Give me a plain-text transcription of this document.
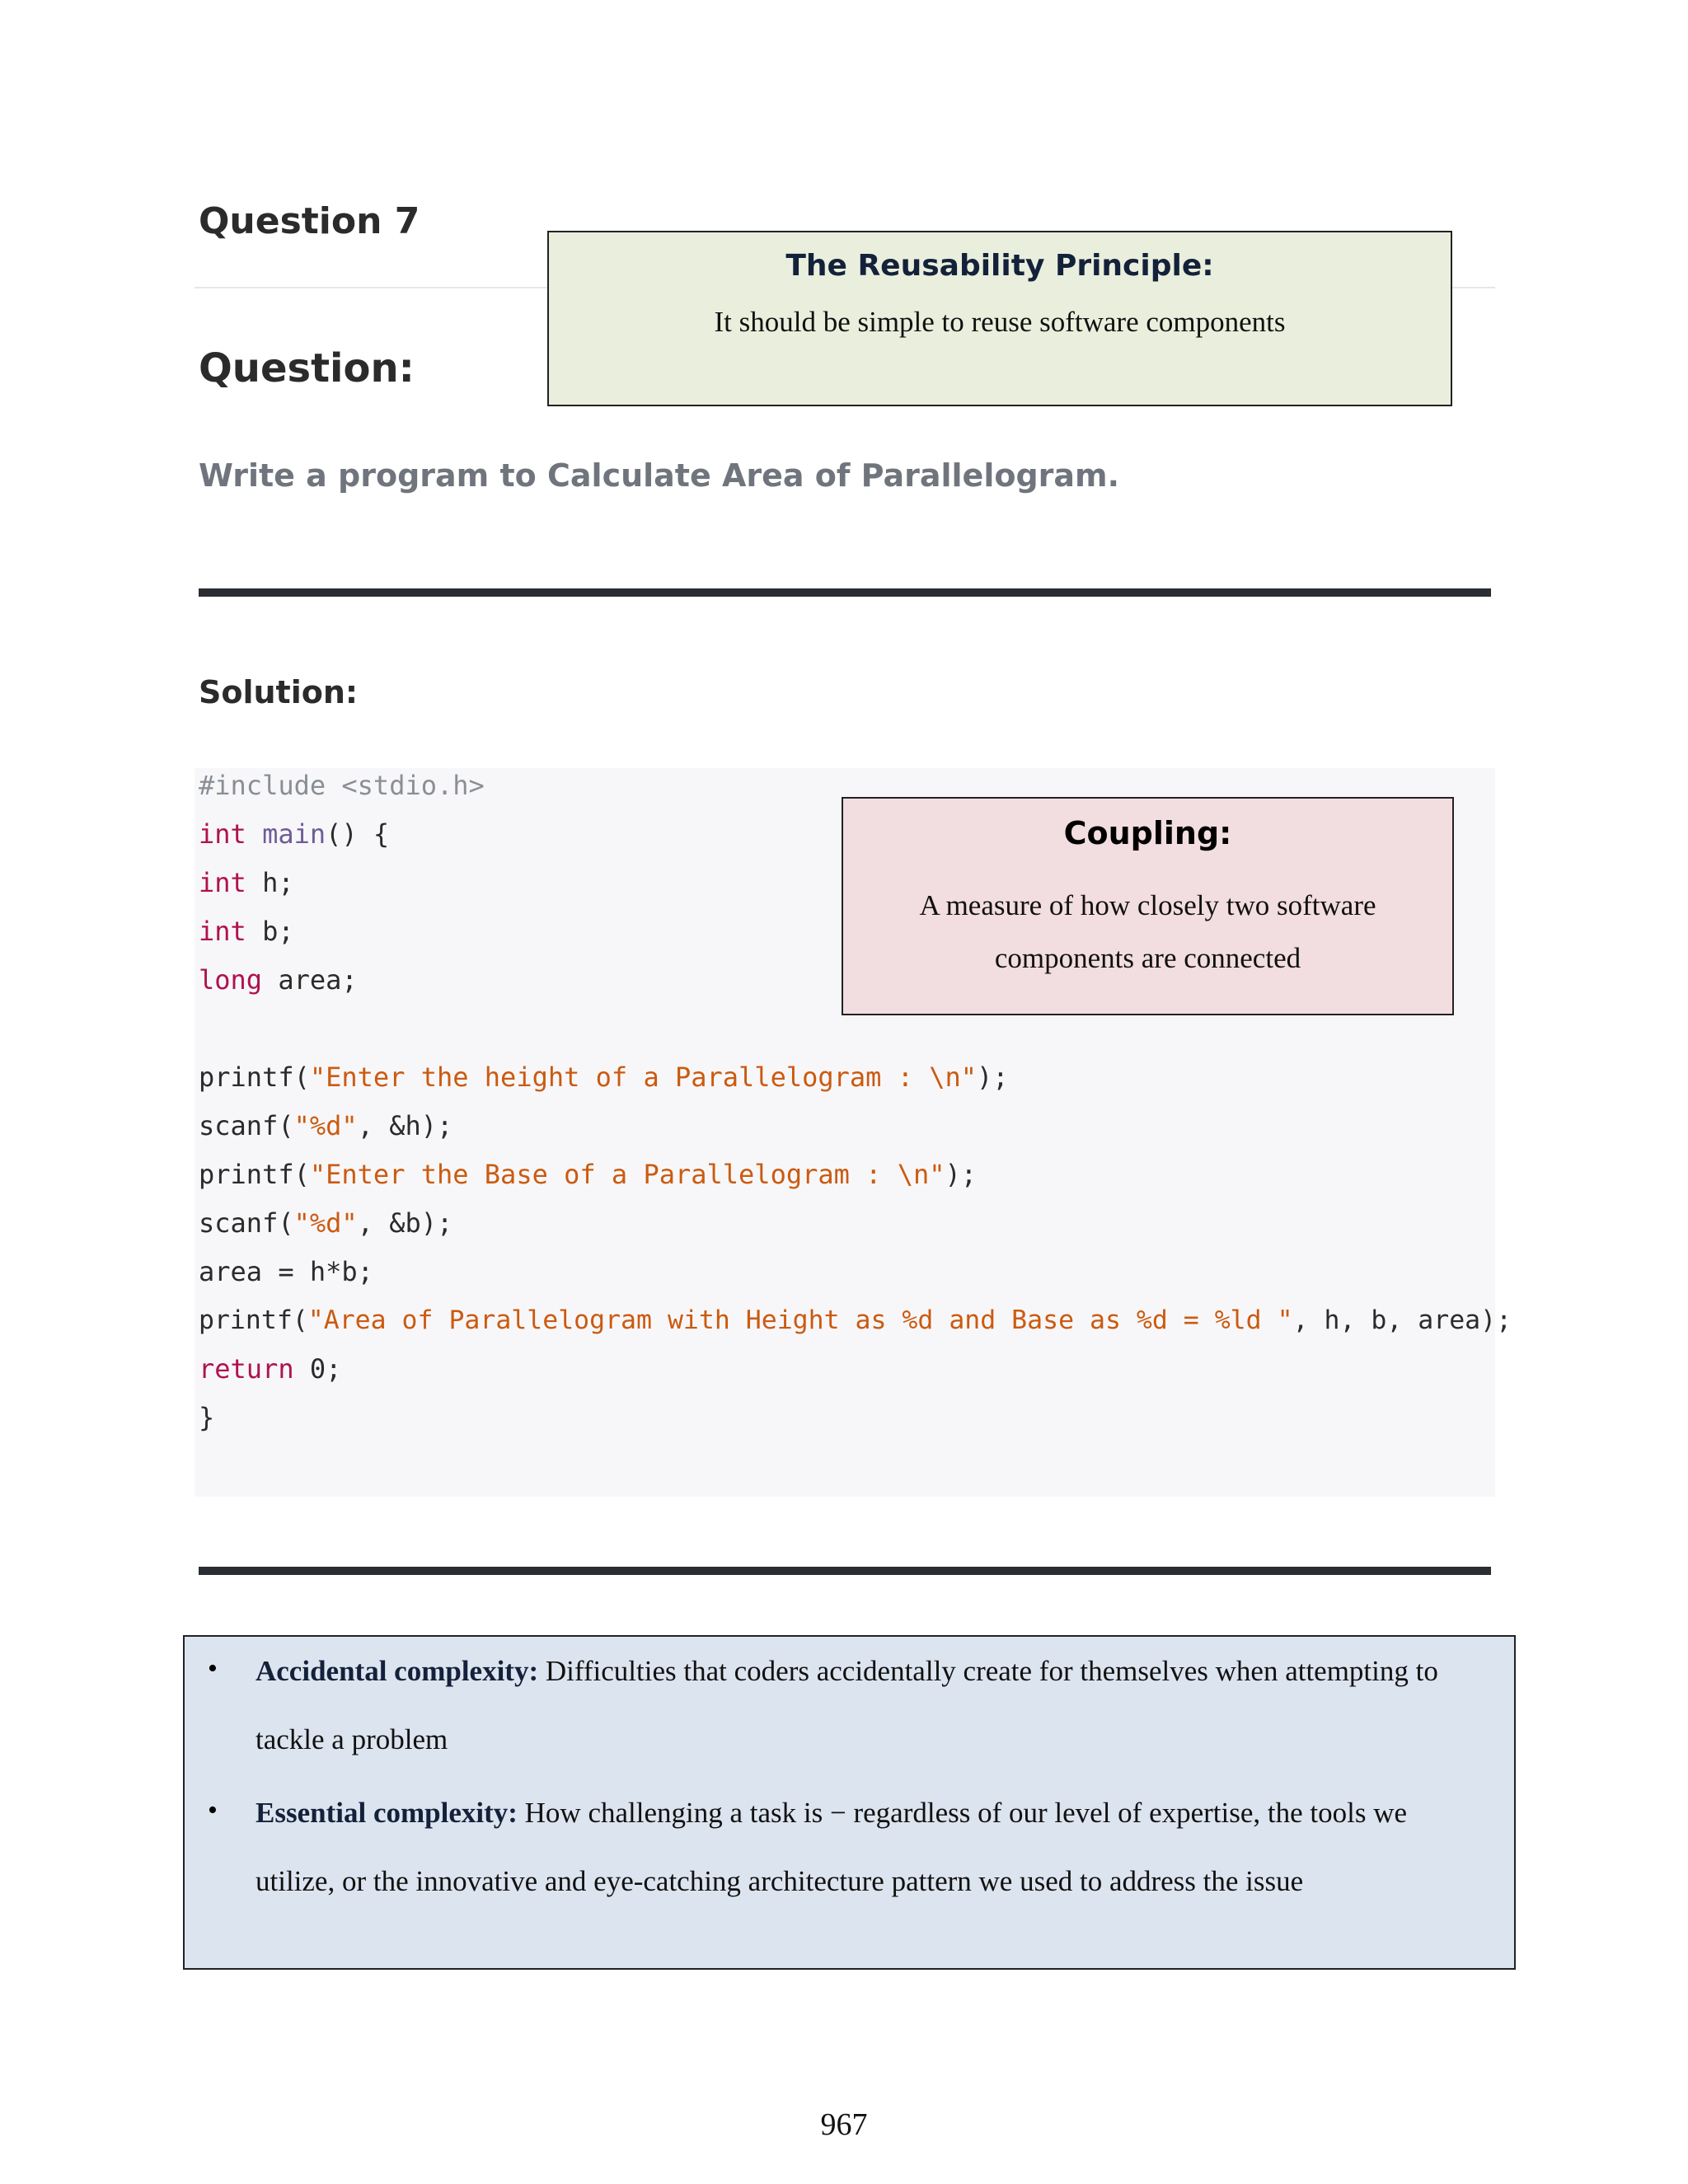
Question 7
The Reusability Principle:
It should be simple to reuse software components
Question:
Write a program to Calculate Area of Parallelogram.
Solution:
#include <stdio.h>
int main() {
int h;
int b;
long area;
printf("Enter the height of a Parallelogram : \n");
scanf("%d", &h);
printf("Enter the Base of a Parallelogram : \n");
scanf("%d", &b);
area = h*b;
printf("Area of Parallelogram with Height as %d and Base as %d = %ld ", h, b, area);
return 0;
}
Coupling:
A measure of how closely two software components are connected
• Accidental complexity: Difficulties that coders accidentally create for themselves when attempting to tackle a problem
• Essential complexity: How challenging a task is − regardless of our level of expertise, the tools we utilize, or the innovative and eye-catching architecture pattern we used to address the issue
967
